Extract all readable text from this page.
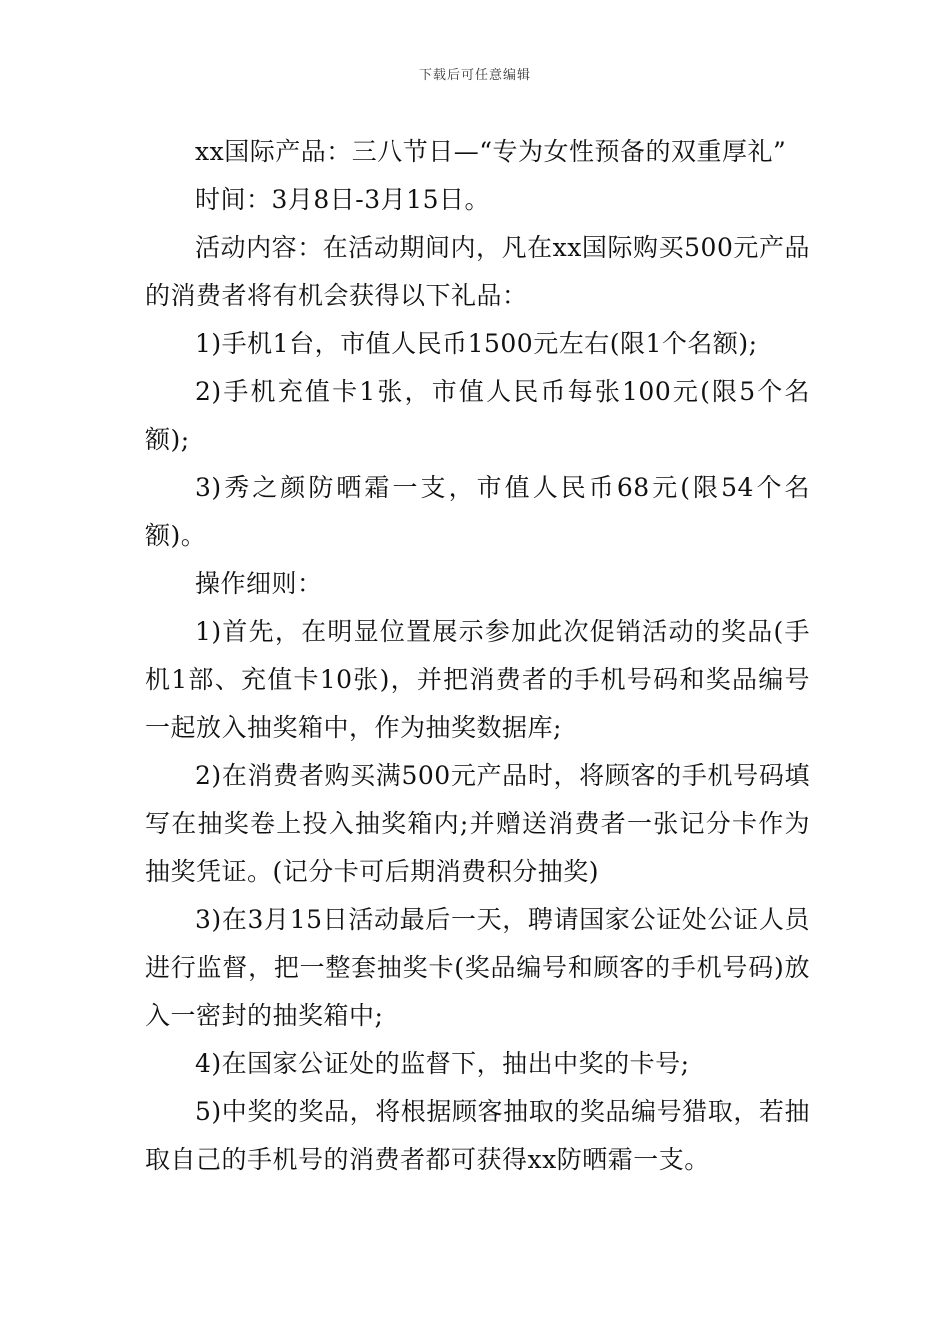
下载后可任意编辑

xx国际产品：三八节日—“专为女性预备的双重厚礼”

时间：3月8日-3月15日。

活动内容：在活动期间内，凡在xx国际购买500元产品的消费者将有机会获得以下礼品：

1)手机1台，市值人民币1500元左右(限1个名额);

2)手机充值卡1张，市值人民币每张100元(限5个名额);

3)秀之颜防晒霜一支，市值人民币68元(限54个名额)。

操作细则：

1)首先，在明显位置展示参加此次促销活动的奖品(手机1部、充值卡10张)，并把消费者的手机号码和奖品编号一起放入抽奖箱中，作为抽奖数据库;

2)在消费者购买满500元产品时，将顾客的手机号码填写在抽奖卷上投入抽奖箱内;并赠送消费者一张记分卡作为抽奖凭证。(记分卡可后期消费积分抽奖)

3)在3月15日活动最后一天，聘请国家公证处公证人员进行监督，把一整套抽奖卡(奖品编号和顾客的手机号码)放入一密封的抽奖箱中;

4)在国家公证处的监督下，抽出中奖的卡号;

5)中奖的奖品，将根据顾客抽取的奖品编号猎取，若抽取自己的手机号的消费者都可获得xx防晒霜一支。
